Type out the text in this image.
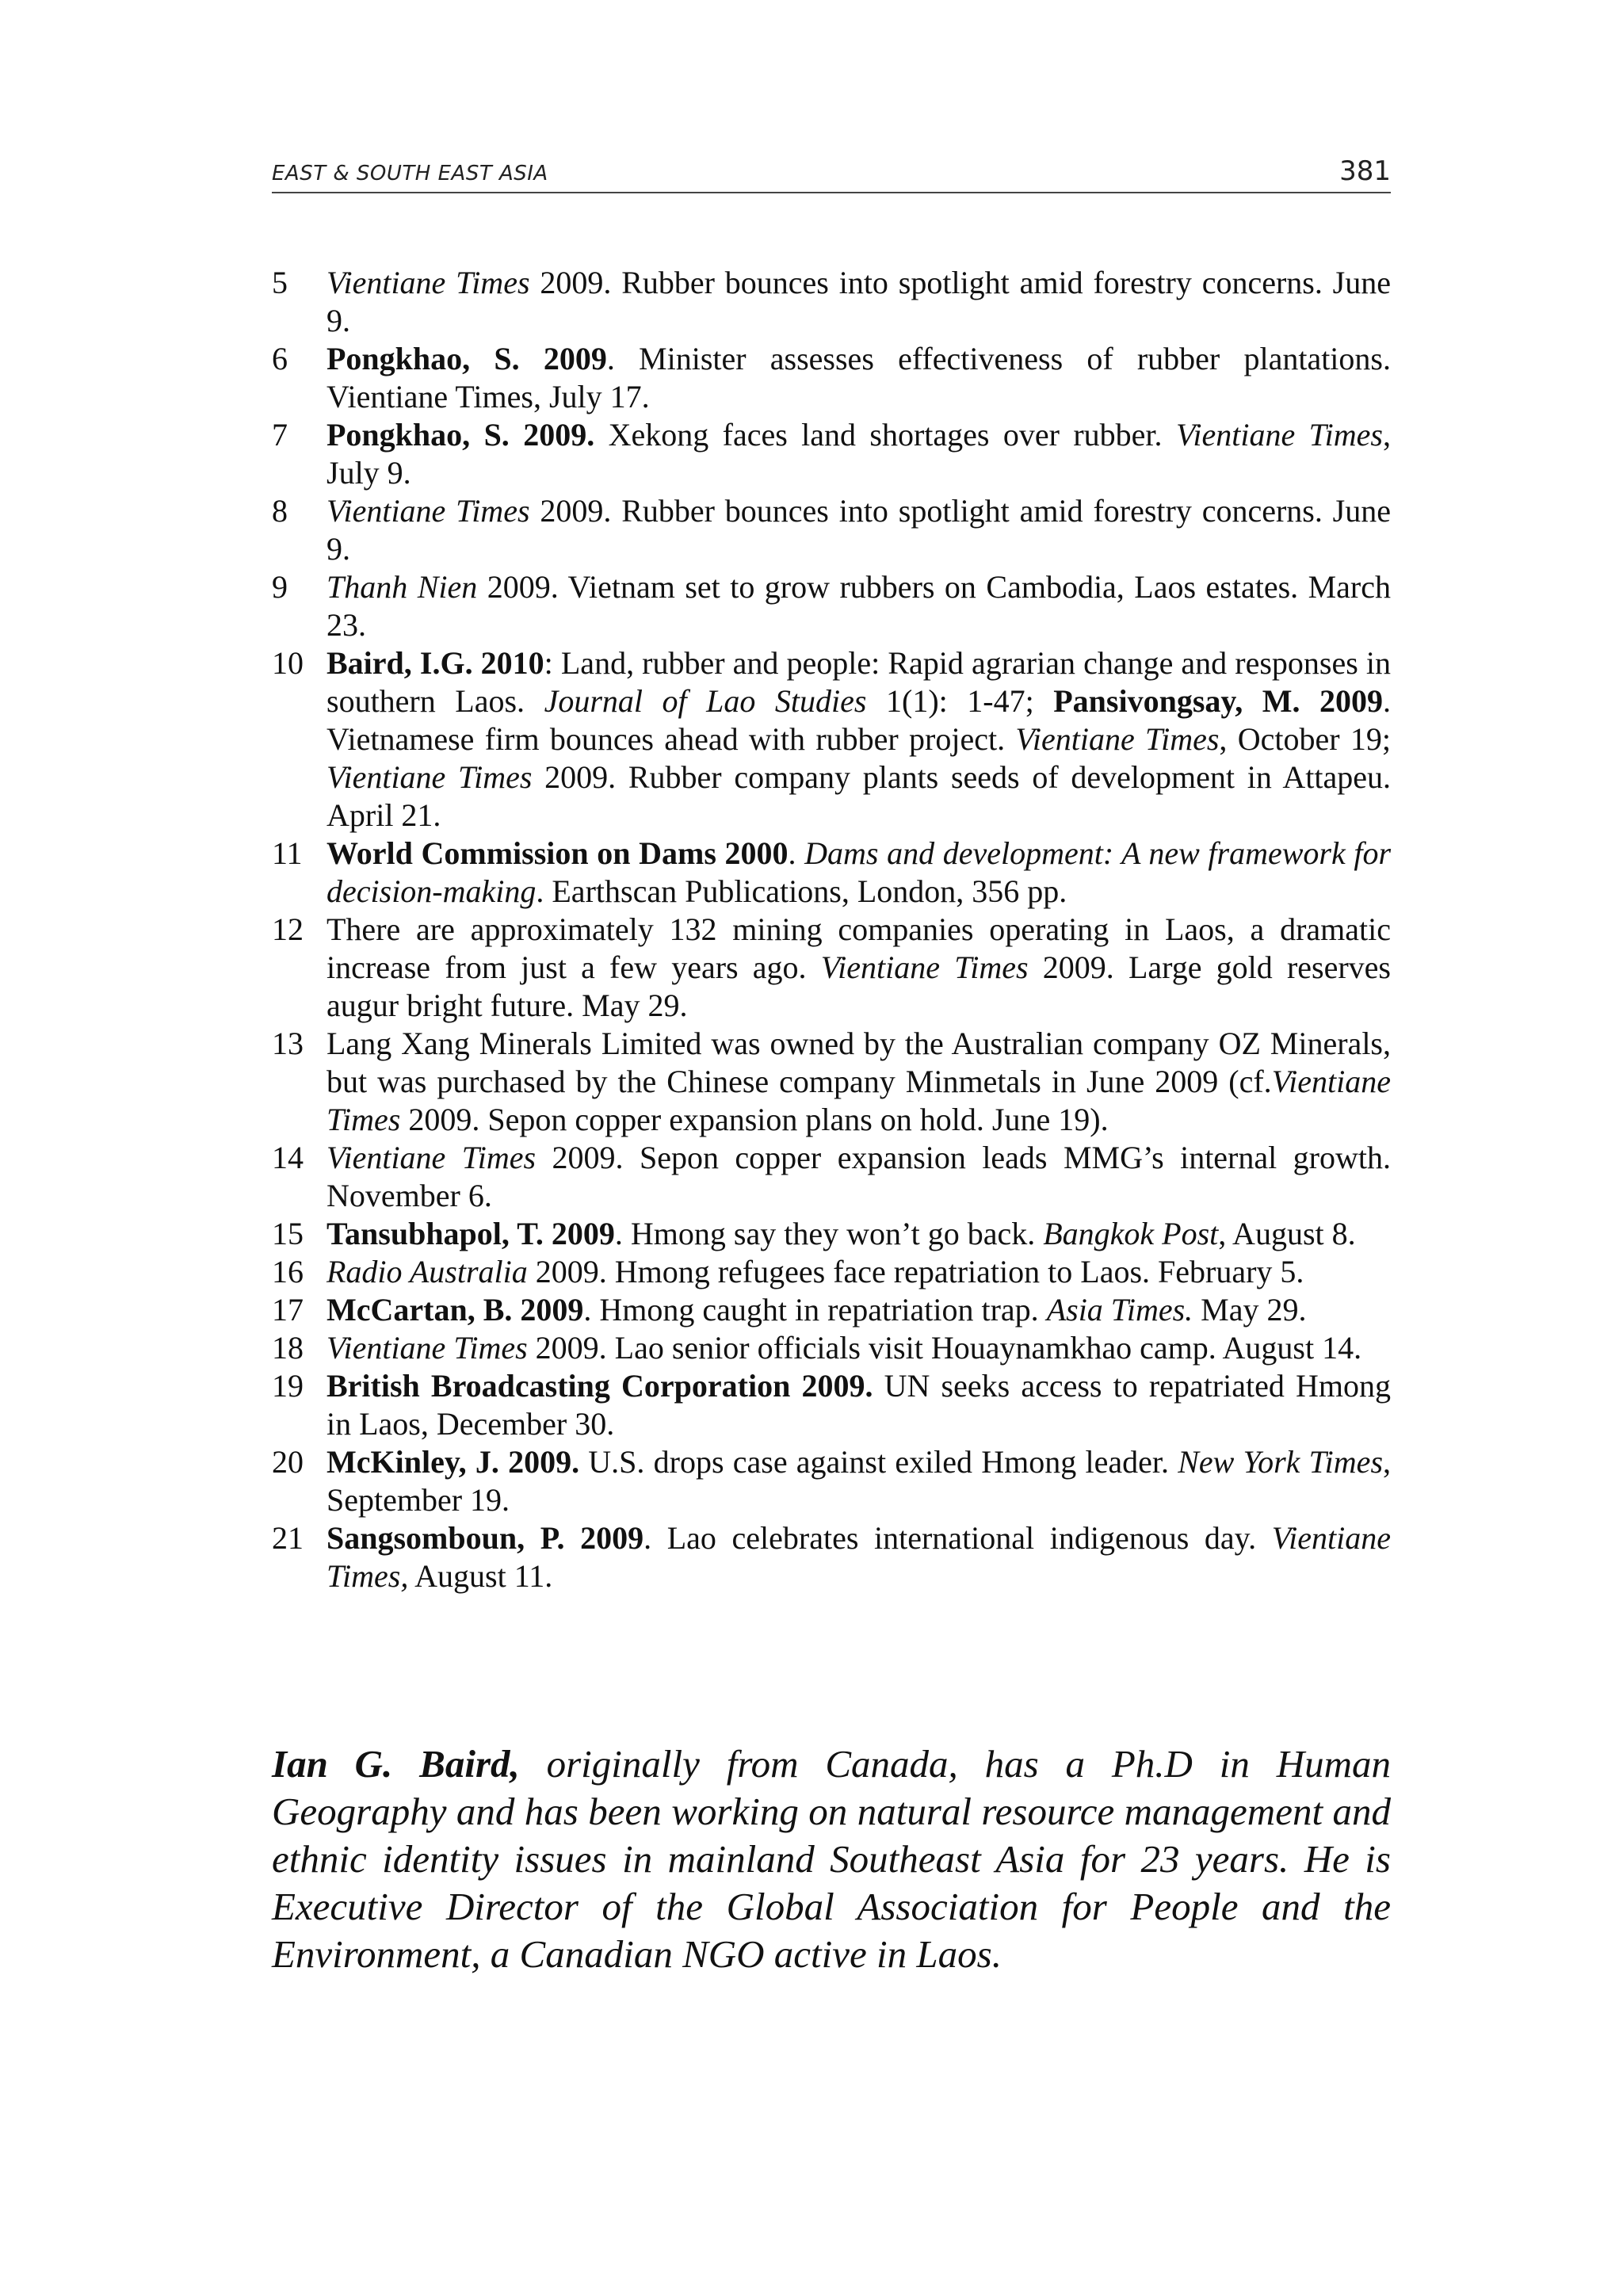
EAST & SOUTH EAST ASIA	381
5	Vientiane Times 2009. Rubber bounces into spotlight amid forestry concerns. June 9.
6	Pongkhao, S. 2009. Minister assesses effectiveness of rubber plantations. Vientiane Times, July 17.
7	Pongkhao, S. 2009. Xekong faces land shortages over rubber. Vientiane Times, July 9.
8	Vientiane Times 2009. Rubber bounces into spotlight amid forestry concerns. June 9.
9	Thanh Nien 2009. Vietnam set to grow rubbers on Cambodia, Laos estates. March 23.
10 Baird, I.G. 2010: Land, rubber and people: Rapid agrarian change and responses in southern Laos. Journal of Lao Studies 1(1): 1-47; Pansivongsay, M. 2009. Vietnamese firm bounces ahead with rubber project. Vientiane Times, October 19; Vientiane Times 2009. Rubber company plants seeds of development in Attapeu. April 21.
11 World Commission on Dams 2000. Dams and development: A new framework for decision-making. Earthscan Publications, London, 356 pp.
12 There are approximately 132 mining companies operating in Laos, a dramatic increase from just a few years ago. Vientiane Times 2009. Large gold reserves augur bright future. May 29.
13 Lang Xang Minerals Limited was owned by the Australian company OZ Minerals, but was purchased by the Chinese company Minmetals in June 2009 (cf.Vientiane Times 2009. Sepon copper expansion plans on hold. June 19).
14 Vientiane Times 2009. Sepon copper expansion leads MMG’s internal growth. November 6.
15 Tansubhapol, T. 2009. Hmong say they won’t go back. Bangkok Post, August 8.
16 Radio Australia 2009. Hmong refugees face repatriation to Laos. February 5.
17 McCartan, B. 2009. Hmong caught in repatriation trap. Asia Times. May 29.
18 Vientiane Times 2009. Lao senior officials visit Houaynamkhao camp. August 14.
19 British Broadcasting Corporation 2009. UN seeks access to repatriated Hmong in Laos, December 30.
20 McKinley, J. 2009. U.S. drops case against exiled Hmong leader. New York Times, September 19.
21 Sangsomboun, P. 2009. Lao celebrates international indigenous day. Vientiane Times, August 11.

Ian G. Baird, originally from Canada, has a Ph.D in Human Geography and has been working on natural resource management and ethnic identity issues in mainland Southeast Asia for 23 years. He is Executive Director of the Global Association for People and the Environment, a Canadian NGO active in Laos.
